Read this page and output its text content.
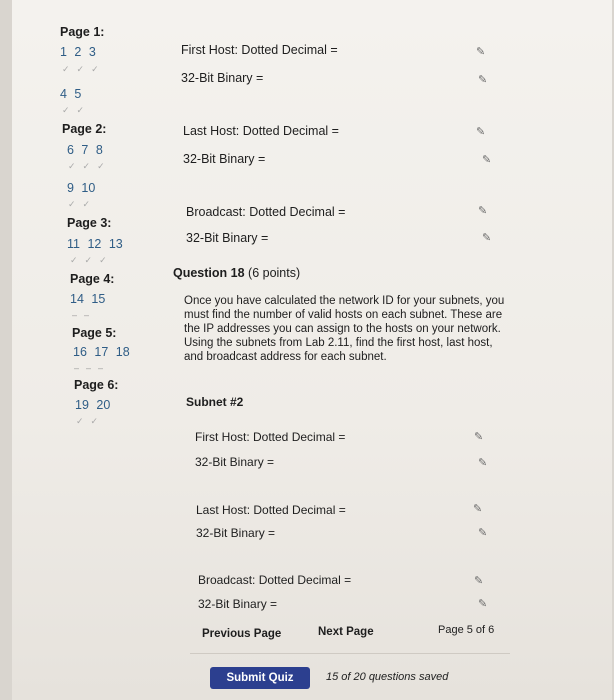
Page 1:
1 2 3
✓✓✓
4 5
✓✓
Page 2:
6 7 8
✓✓✓
9 10
✓✓
Page 3:
11 12 13
✓✓✓
Page 4:
14 15
‒‒
Page 5:
16 17 18
‒‒‒
Page 6:
19 20
✓✓
First Host: Dotted Decimal =	✎
32-Bit Binary =	✎
Last Host: Dotted Decimal =	✎
32-Bit Binary =	✎
Broadcast: Dotted Decimal =	✎
32-Bit Binary =	✎
Question 18 (6 points)
Once you have calculated the network ID for your subnets, you must find the number of valid hosts on each subnet. These are the IP addresses you can assign to the hosts on your network. Using the subnets from Lab 2.11, find the first host, last host, and broadcast address for each subnet.
Subnet #2
First Host: Dotted Decimal =	✎
32-Bit Binary =	✎
Last Host: Dotted Decimal =	✎
32-Bit Binary =	✎
Broadcast: Dotted Decimal =	✎
32-Bit Binary =	✎
Previous Page	Next Page	Page 5 of 6
Submit Quiz	15 of 20 questions saved
